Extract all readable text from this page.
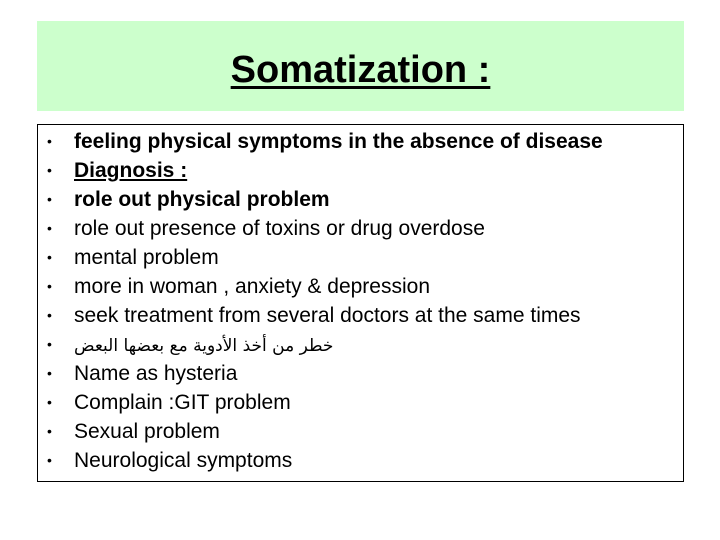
Somatization :
• feeling physical symptoms in the absence of disease
• Diagnosis :
• role out physical problem
• role out presence of toxins or drug overdose
• mental problem
• more in woman , anxiety & depression
• seek treatment from several doctors at the same times
• خطر من أخذ الأدوية مع بعضها البعض
• Name as hysteria
• Complain :GIT problem
• Sexual problem
• Neurological symptoms
